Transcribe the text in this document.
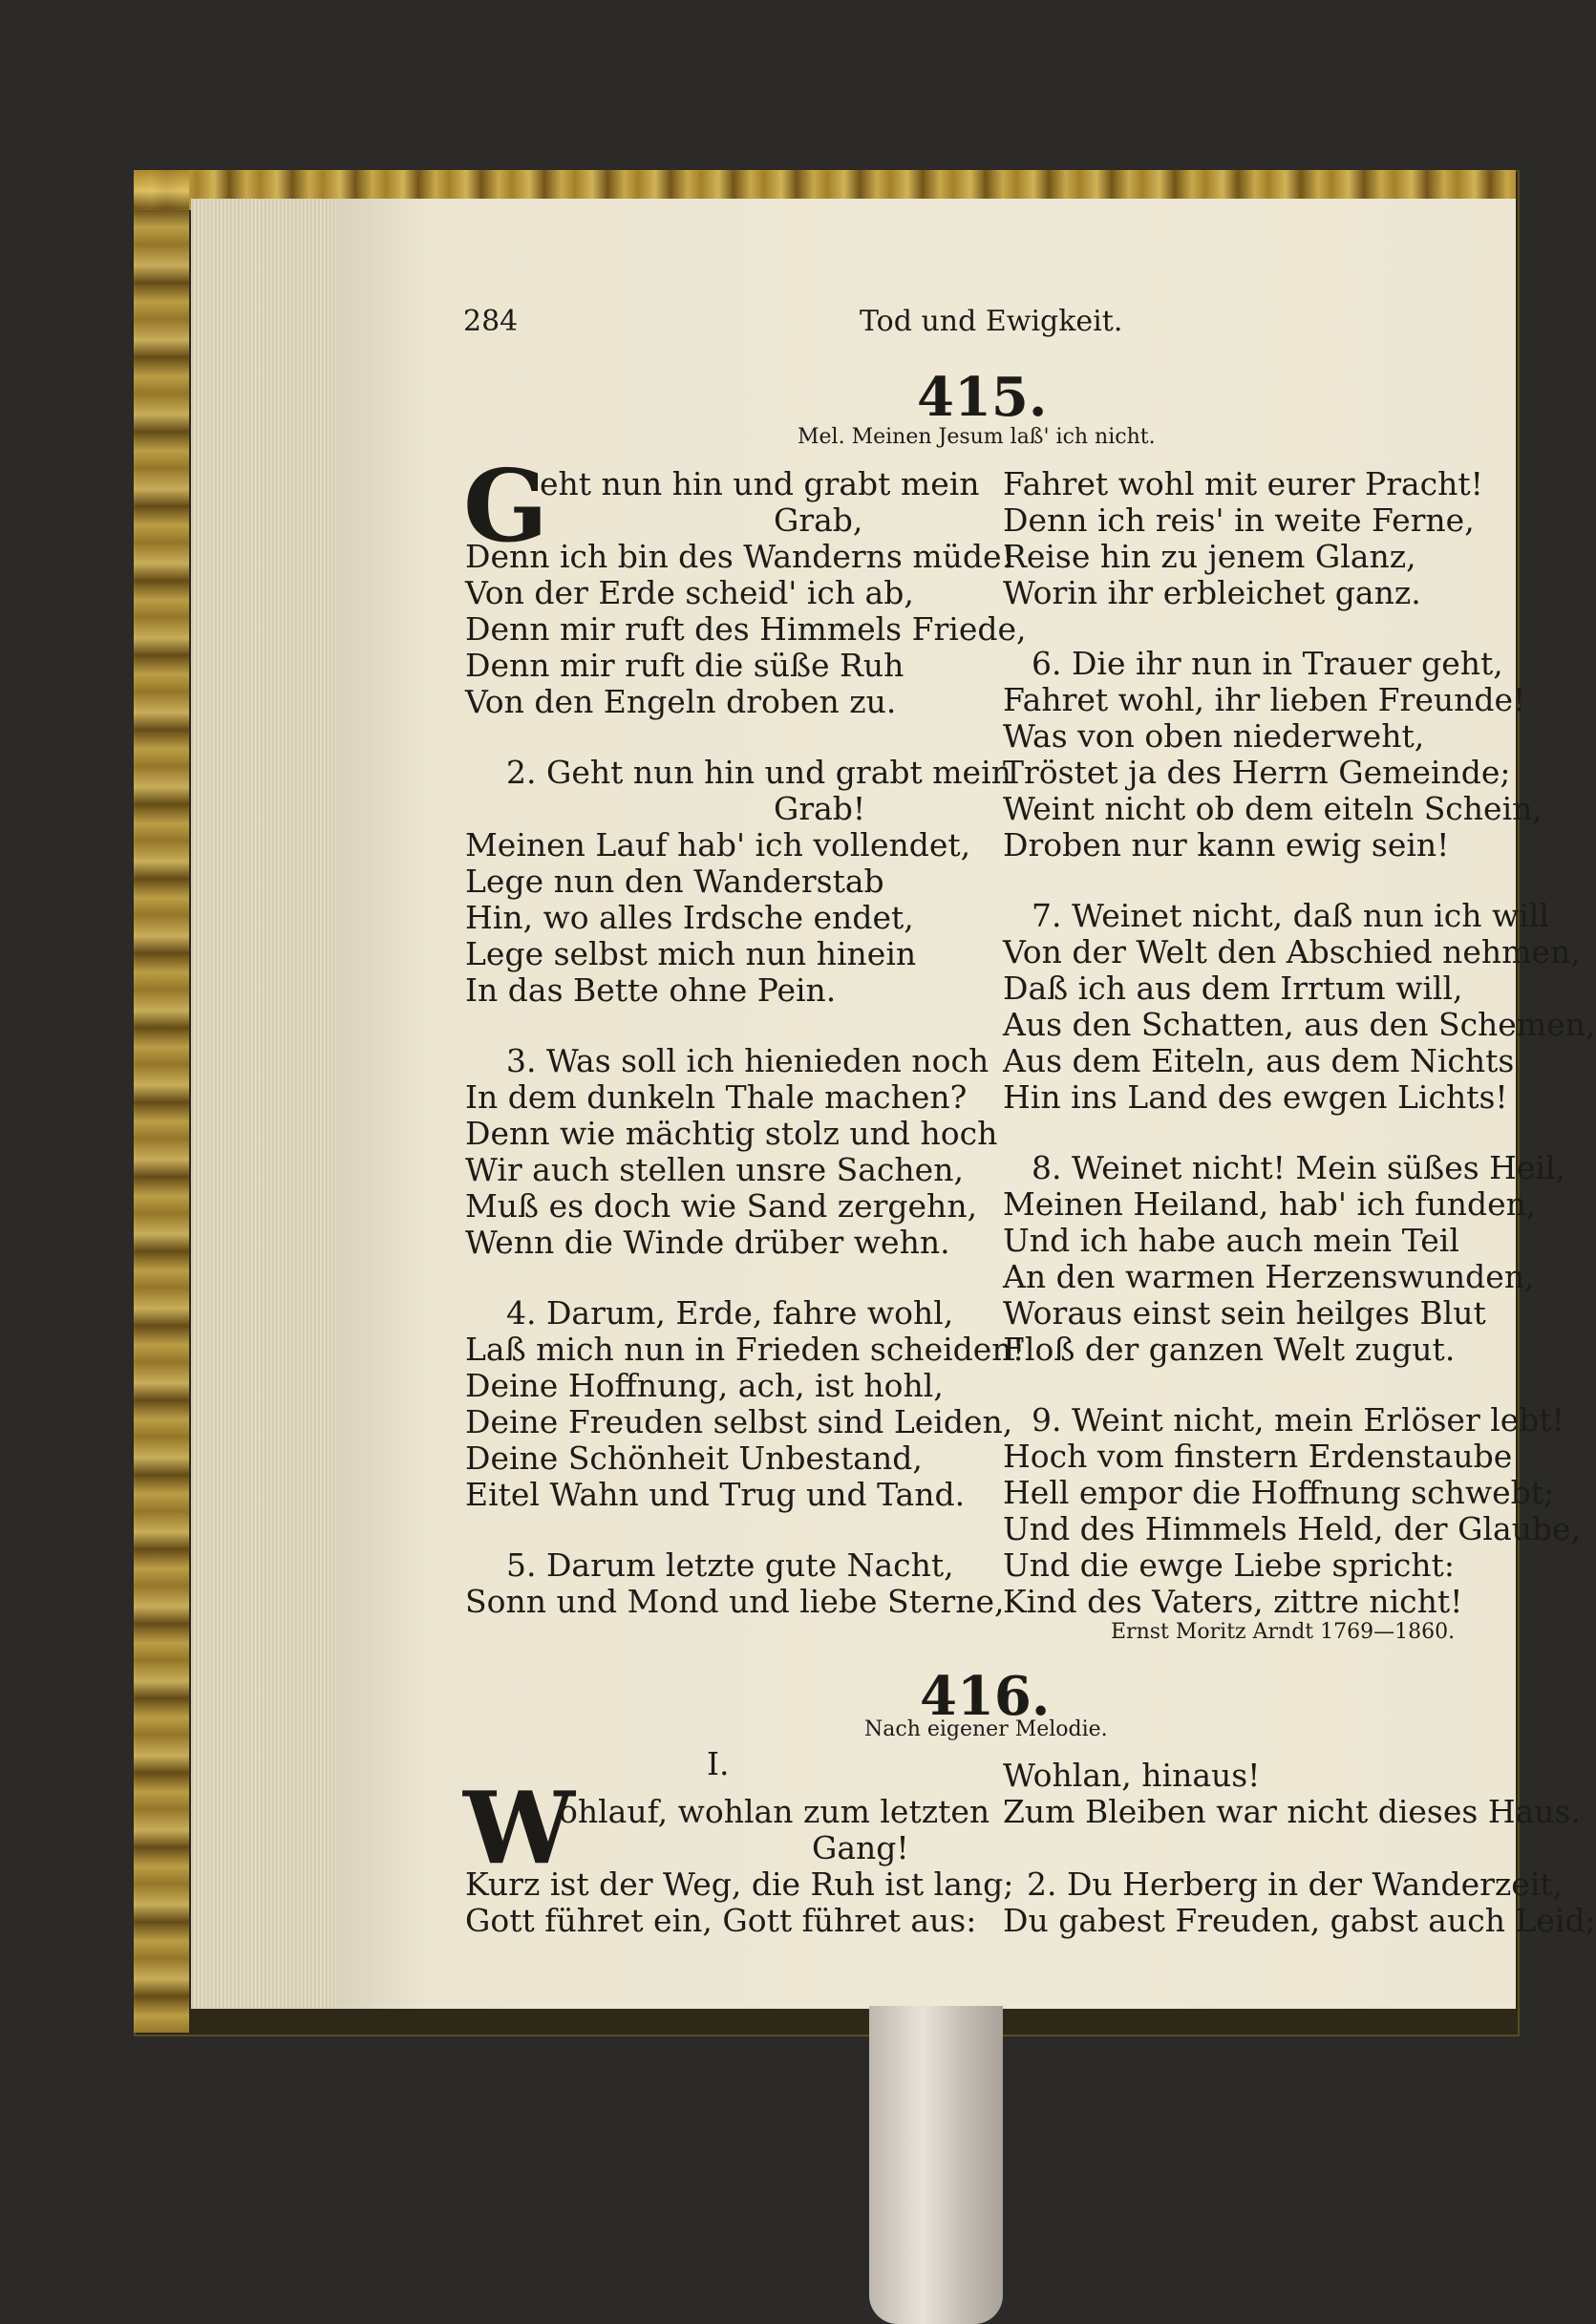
284	Tod und Ewigkeit.
415.
Mel. Meinen Jesum laß' ich nicht.
G
eht nun hin und grabt mein
Grab,
Denn ich bin des Wanderns müde!
Von der Erde scheid' ich ab,
Denn mir ruft des Himmels Friede,
Denn mir ruft die süße Ruh
Von den Engeln droben zu.
2. Geht nun hin und grabt mein
Grab!
Meinen Lauf hab' ich vollendet,
Lege nun den Wanderstab
Hin, wo alles Irdsche endet,
Lege selbst mich nun hinein
In das Bette ohne Pein.
3. Was soll ich hienieden noch
In dem dunkeln Thale machen?
Denn wie mächtig stolz und hoch
Wir auch stellen unsre Sachen,
Muß es doch wie Sand zergehn,
Wenn die Winde drüber wehn.
4. Darum, Erde, fahre wohl,
Laß mich nun in Frieden scheiden!
Deine Hoffnung, ach, ist hohl,
Deine Freuden selbst sind Leiden,
Deine Schönheit Unbestand,
Eitel Wahn und Trug und Tand.
5. Darum letzte gute Nacht,
Sonn und Mond und liebe Sterne,
Fahret wohl mit eurer Pracht!
Denn ich reis' in weite Ferne,
Reise hin zu jenem Glanz,
Worin ihr erbleichet ganz.
6. Die ihr nun in Trauer geht,
Fahret wohl, ihr lieben Freunde!
Was von oben niederweht,
Tröstet ja des Herrn Gemeinde;
Weint nicht ob dem eiteln Schein,
Droben nur kann ewig sein!
7. Weinet nicht, daß nun ich will
Von der Welt den Abschied nehmen,
Daß ich aus dem Irrtum will,
Aus den Schatten, aus den Schemen,
Aus dem Eiteln, aus dem Nichts
Hin ins Land des ewgen Lichts!
8. Weinet nicht! Mein süßes Heil,
Meinen Heiland, hab' ich funden,
Und ich habe auch mein Teil
An den warmen Herzenswunden,
Woraus einst sein heilges Blut
Floß der ganzen Welt zugut.
9. Weint nicht, mein Erlöser lebt!
Hoch vom finstern Erdenstaube
Hell empor die Hoffnung schwebt;
Und des Himmels Held, der Glaube,
Und die ewge Liebe spricht:
Kind des Vaters, zittre nicht!
Ernst Moritz Arndt 1769—1860.
416.
Nach eigener Melodie.
I.
W
ohlauf, wohlan zum letzten
Gang!
Kurz ist der Weg, die Ruh ist lang;
Gott führet ein, Gott führet aus:
Wohlan, hinaus!
Zum Bleiben war nicht dieses Haus.
2. Du Herberg in der Wanderzeit,
Du gabest Freuden, gabst auch Leid;
